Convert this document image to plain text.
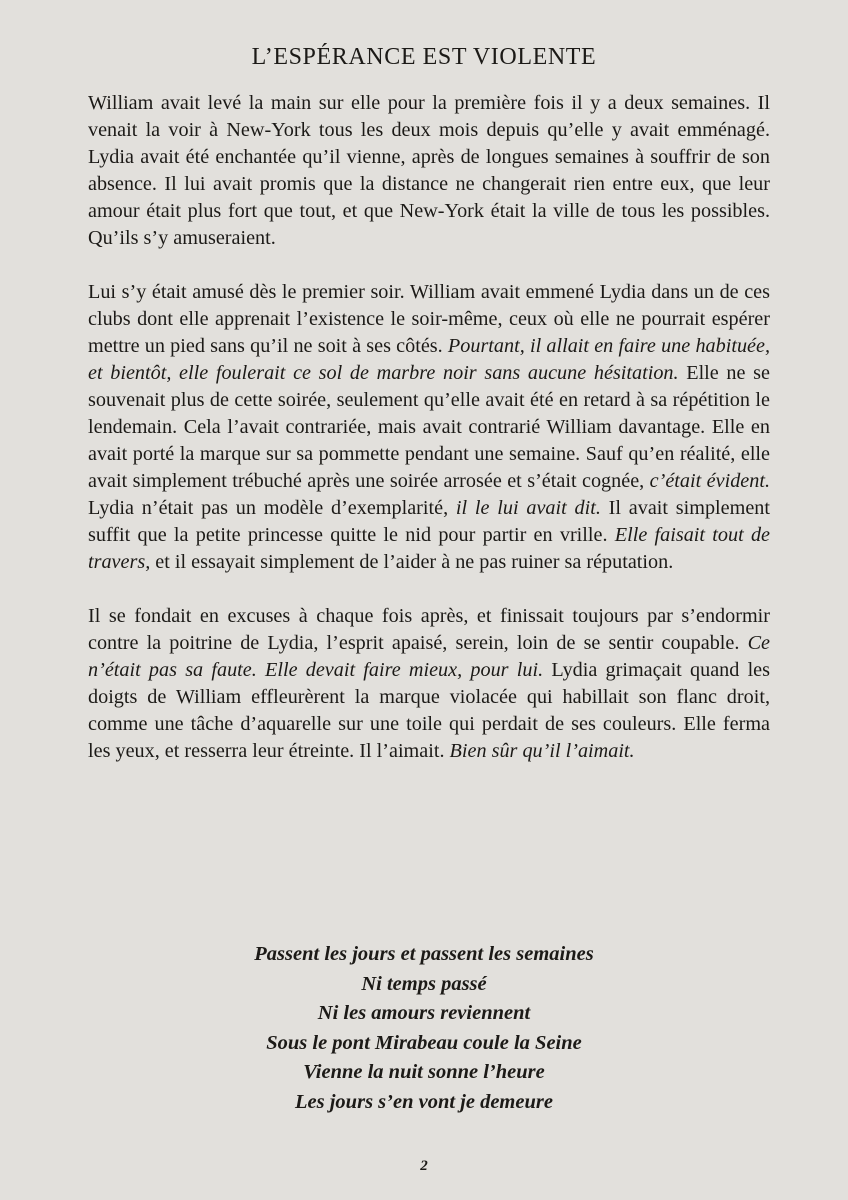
L’ESPÉRANCE EST VIOLENTE

William avait levé la main sur elle pour la première fois il y a deux semaines. Il venait la voir à New-York tous les deux mois depuis qu’elle y avait emménagé. Lydia avait été enchantée qu’il vienne, après de longues semaines à souffrir de son absence. Il lui avait promis que la distance ne changerait rien entre eux, que leur amour était plus fort que tout, et que New-York était la ville de tous les possibles. Qu’ils s’y amuseraient.

Lui s’y était amusé dès le premier soir. William avait emmené Lydia dans un de ces clubs dont elle apprenait l’existence le soir-même, ceux où elle ne pourrait espérer mettre un pied sans qu’il ne soit à ses côtés. Pourtant, il allait en faire une habituée, et bientôt, elle foulerait ce sol de marbre noir sans aucune hésitation. Elle ne se souvenait plus de cette soirée, seulement qu’elle avait été en retard à sa répétition le lendemain. Cela l’avait contrariée, mais avait contrarié William davantage. Elle en avait porté la marque sur sa pommette pendant une semaine. Sauf qu’en réalité, elle avait simplement trébuché après une soirée arrosée et s’était cognée, c’était évident. Lydia n’était pas un modèle d’exemplarité, il le lui avait dit. Il avait simplement suffit que la petite princesse quitte le nid pour partir en vrille. Elle faisait tout de travers, et il essayait simplement de l’aider à ne pas ruiner sa réputation.

Il se fondait en excuses à chaque fois après, et finissait toujours par s’endormir contre la poitrine de Lydia, l’esprit apaisé, serein, loin de se sentir coupable. Ce n’était pas sa faute. Elle devait faire mieux, pour lui. Lydia grimaçait quand les doigts de William effleurèrent la marque violacée qui habillait son flanc droit, comme une tâche d’aquarelle sur une toile qui perdait de ses couleurs. Elle ferma les yeux, et resserra leur étreinte. Il l’aimait. Bien sûr qu’il l’aimait.

Passent les jours et passent les semaines
Ni temps passé
Ni les amours reviennent
Sous le pont Mirabeau coule la Seine
Vienne la nuit sonne l’heure
Les jours s’en vont je demeure
2
